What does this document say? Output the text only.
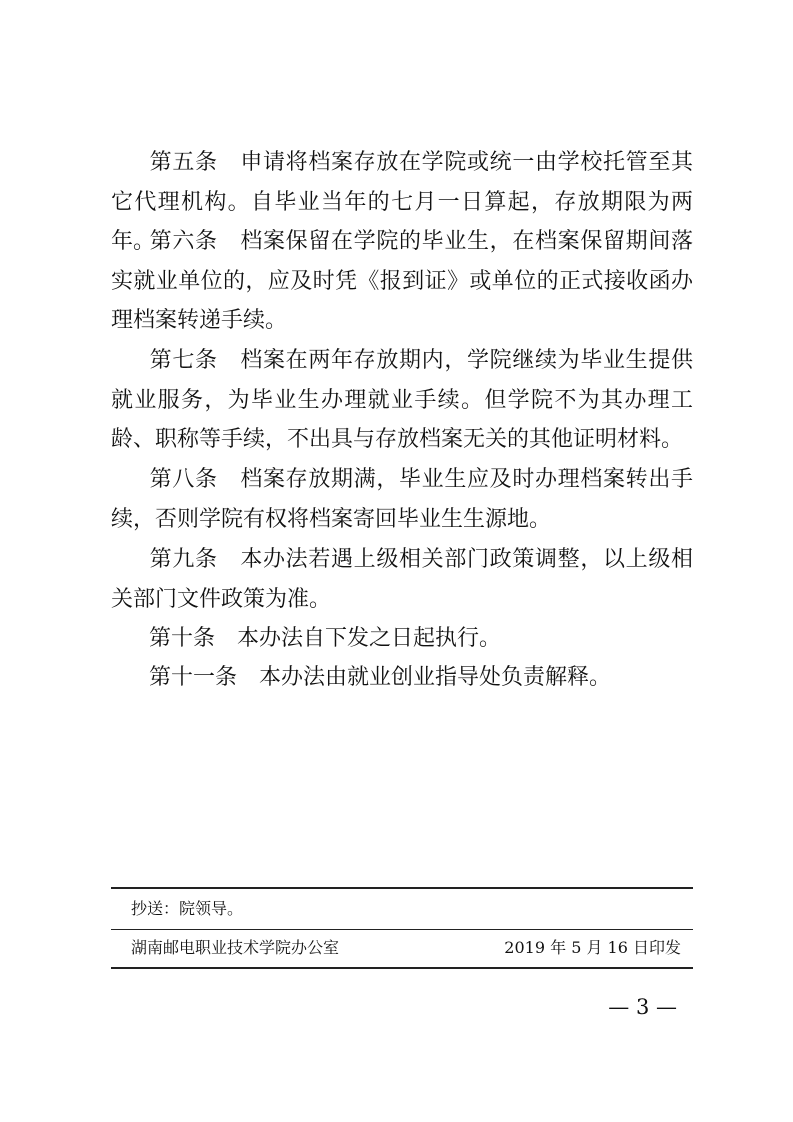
第五条 申请将档案存放在学院或统一由学校托管至其它代理机构。自毕业当年的七月一日算起，存放期限为两年。

第六条 档案保留在学院的毕业生，在档案保留期间落实就业单位的，应及时凭《报到证》或单位的正式接收函办理档案转递手续。

第七条 档案在两年存放期内，学院继续为毕业生提供就业服务，为毕业生办理就业手续。但学院不为其办理工龄、职称等手续，不出具与存放档案无关的其他证明材料。

第八条 档案存放期满，毕业生应及时办理档案转出手续，否则学院有权将档案寄回毕业生生源地。

第九条 本办法若遇上级相关部门政策调整，以上级相关部门文件政策为准。

第十条 本办法自下发之日起执行。

第十一条 本办法由就业创业指导处负责解释。

抄送：院领导。
湖南邮电职业技术学院办公室	2019 年 5 月 16 日印发
— 3 —
